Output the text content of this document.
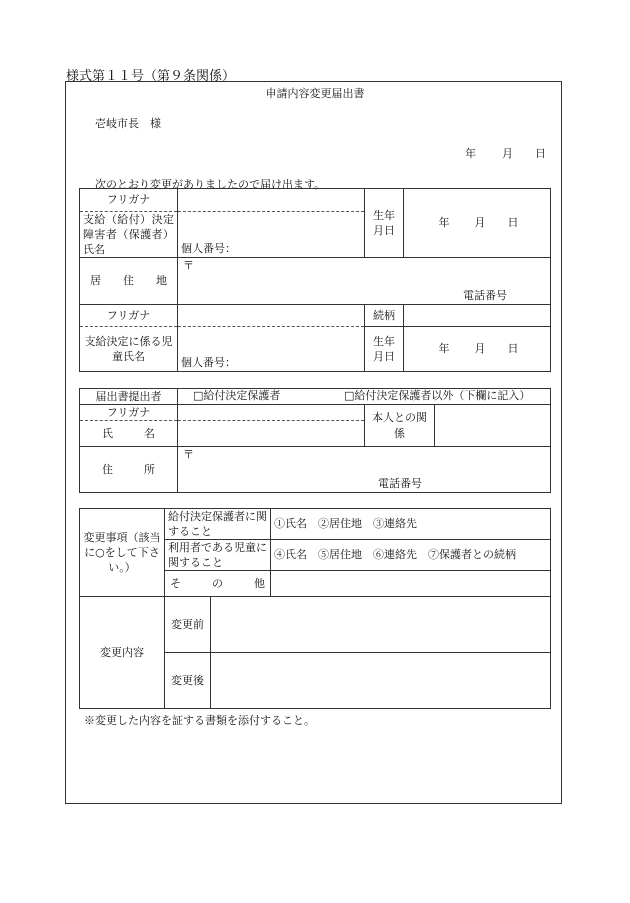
様式第１１号（第９条関係）
申請内容変更届出書
壱岐市長　様
年 月 日
次のとおり変更がありましたので届け出ます。
フリガナ		生年月日	年 月 日
支給（給付）決定障害者（保護者）氏名	個人番号：		

居　住　地	〒
電話番号		

フリガナ		続柄	
支給決定に係る児童氏名	個人番号：	生年月日	年 月 日
届出書提出者	□給付決定保護者 □給付決定保護者以外（下欄に記入）		

フリガナ		本人との関係	
氏　名			
住　所	〒
電話番号		
変更事項（該当に○をして下さい。）	給付決定保護者に関すること		①氏名　②居住地　③連絡先
	利用者である児童に関すること		④氏名　⑤居住地　⑥連絡先　⑦保護者との続柄
	そ　の　他		
変更内容	変更前		
	変更後		
※変更した内容を証する書類を添付すること。
